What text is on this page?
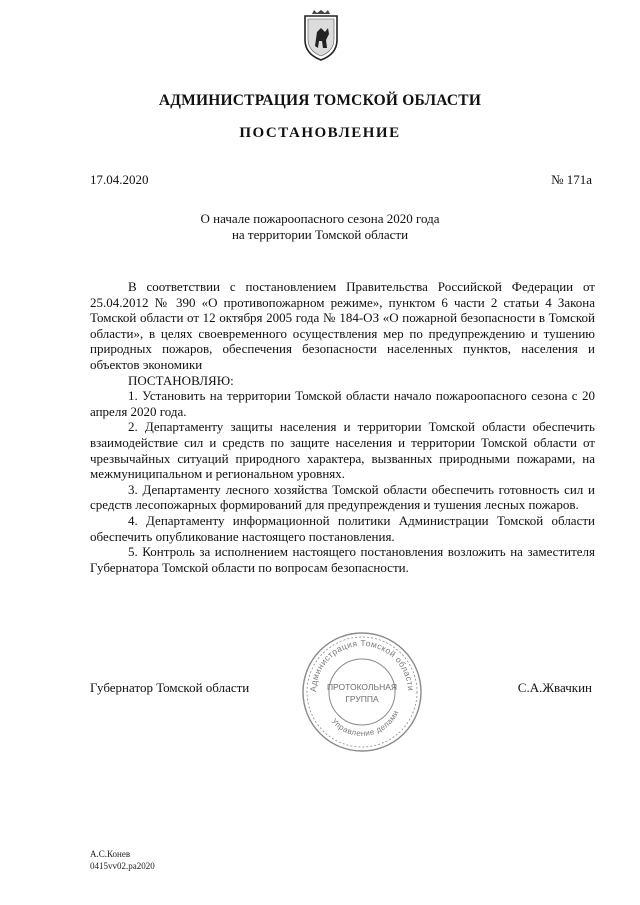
АДМИНИСТРАЦИЯ ТОМСКОЙ ОБЛАСТИ
ПОСТАНОВЛЕНИЕ
17.04.2020	№ 171а
О начале пожароопасного сезона 2020 года
на территории Томской области

В соответствии с постановлением Правительства Российской Федерации от 25.04.2012 № 390 «О противопожарном режиме», пунктом 6 части 2 статьи 4 Закона Томской области от 12 октября 2005 года № 184-ОЗ «О пожарной безопасности в Томской области», в целях своевременного осуществления мер по предупреждению и тушению природных пожаров, обеспечения безопасности населенных пунктов, населения и объектов экономики

ПОСТАНОВЛЯЮ:

1. Установить на территории Томской области начало пожароопасного сезона с 20 апреля 2020 года.

2. Департаменту защиты населения и территории Томской области обеспечить взаимодействие сил и средств по защите населения и территории Томской области от чрезвычайных ситуаций природного характера, вызванных природными пожарами, на межмуниципальном и региональном уровнях.

3. Департаменту лесного хозяйства Томской области обеспечить готовность сил и средств лесопожарных формирований для предупреждения и тушения лесных пожаров.

4. Департаменту информационной политики Администрации Томской области обеспечить опубликование настоящего постановления.

5. Контроль за исполнением настоящего постановления возложить на заместителя Губернатора Томской области по вопросам безопасности.

Губернатор Томской области	С.А.Жвачкин
Администрация Томской области
Управление делами
ПРОТОКОЛЬНАЯ
ГРУППА
А.С.Конев
0415vv02.ра2020
